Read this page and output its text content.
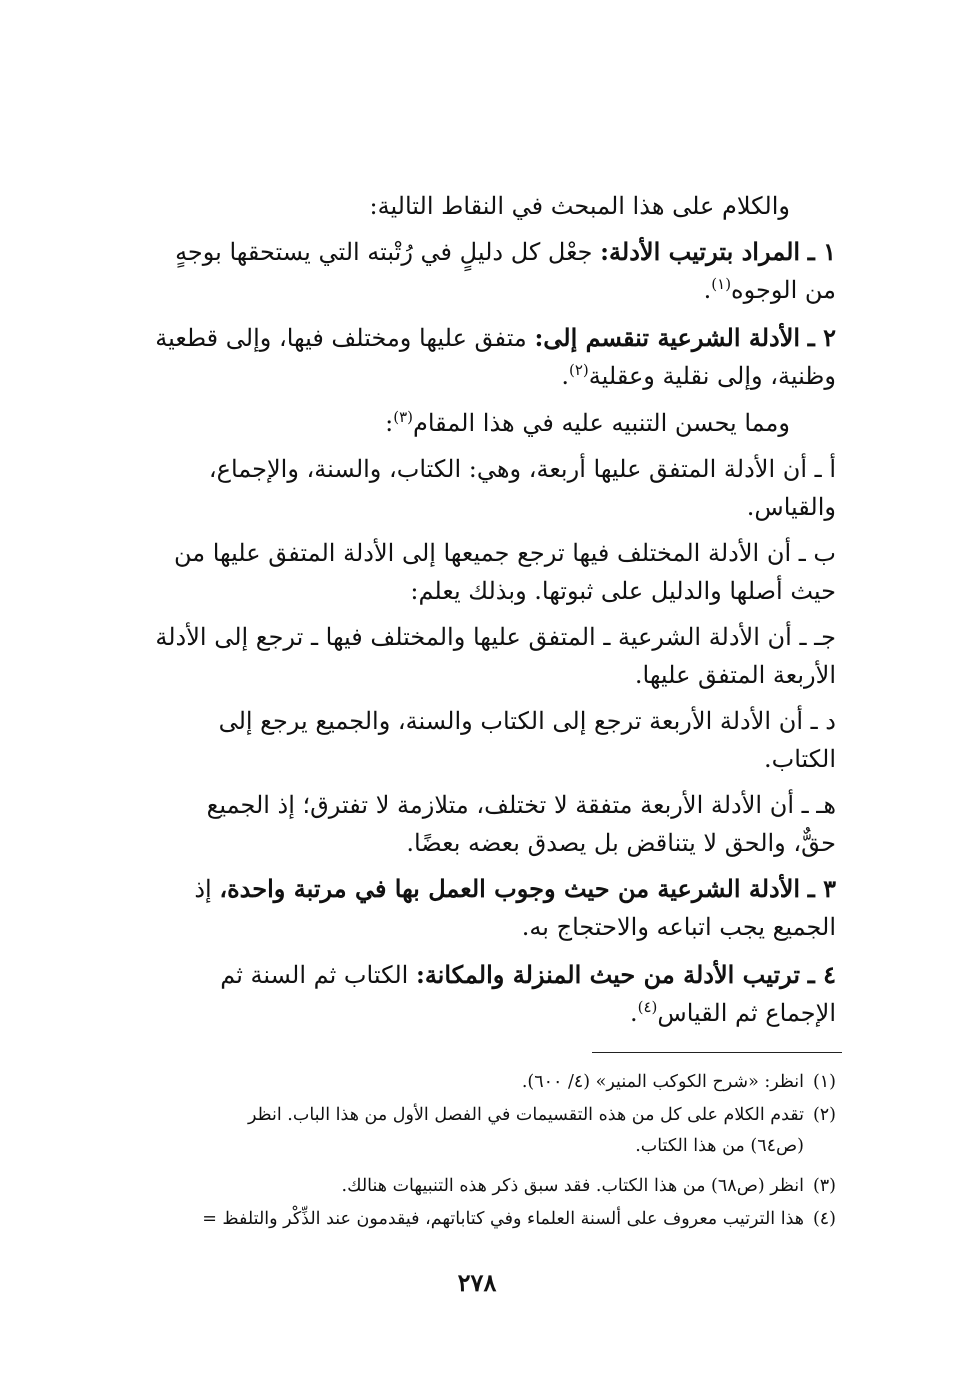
والكلام على هذا المبحث في النقاط التالية:

١ ـ المراد بترتيب الأدلة: جعْل كل دليلٍ في رُتْبته التي يستحقها بوجهٍ

من الوجوه$^{(١)}$.

٢ ـ الأدلة الشرعية تنقسم إلى: متفق عليها ومختلف فيها، وإلى قطعية

وظنية، وإلى نقلية وعقلية$^{(٢)}$.

ومما يحسن التنبيه عليه في هذا المقام$^{(٣)}$:

أ ـ أن الأدلة المتفق عليها أربعة، وهي: الكتاب، والسنة، والإجماع،

والقياس.

ب ـ أن الأدلة المختلف فيها ترجع جميعها إلى الأدلة المتفق عليها من

حيث أصلها والدليل على ثبوتها. وبذلك يعلم:

جـ ـ أن الأدلة الشرعية ـ المتفق عليها والمختلف فيها ـ ترجع إلى الأدلة

الأربعة المتفق عليها.

د ـ أن الأدلة الأربعة ترجع إلى الكتاب والسنة، والجميع يرجع إلى

الكتاب.

هـ ـ أن الأدلة الأربعة متفقة لا تختلف، متلازمة لا تفترق؛ إذ الجميع

حقٌّ، والحق لا يتناقض بل يصدق بعضه بعضًا.

٣ ـ الأدلة الشرعية من حيث وجوب العمل بها في مرتبة واحدة، إذ

الجميع يجب اتباعه والاحتجاج به.

٤ ـ ترتيب الأدلة من حيث المنزلة والمكانة: الكتاب ثم السنة ثم

الإجماع ثم القياس$^{(٤)}$.

(١)

انظر: «شرح الكوكب المنير» (٤/ ٦٠٠).

(٢)

تقدم الكلام على كل من هذه التقسيمات في الفصل الأول من هذا الباب. انظر

(ص٦٤) من هذا الكتاب.

(٣)

انظر (ص٦٨) من هذا الكتاب. فقد سبق ذكر هذه التنبيهات هنالك.

(٤)

هذا الترتيب معروف على ألسنة العلماء وفي كتاباتهم، فيقدمون عند الذِّكْر والتلفظ =

٢٧٨
